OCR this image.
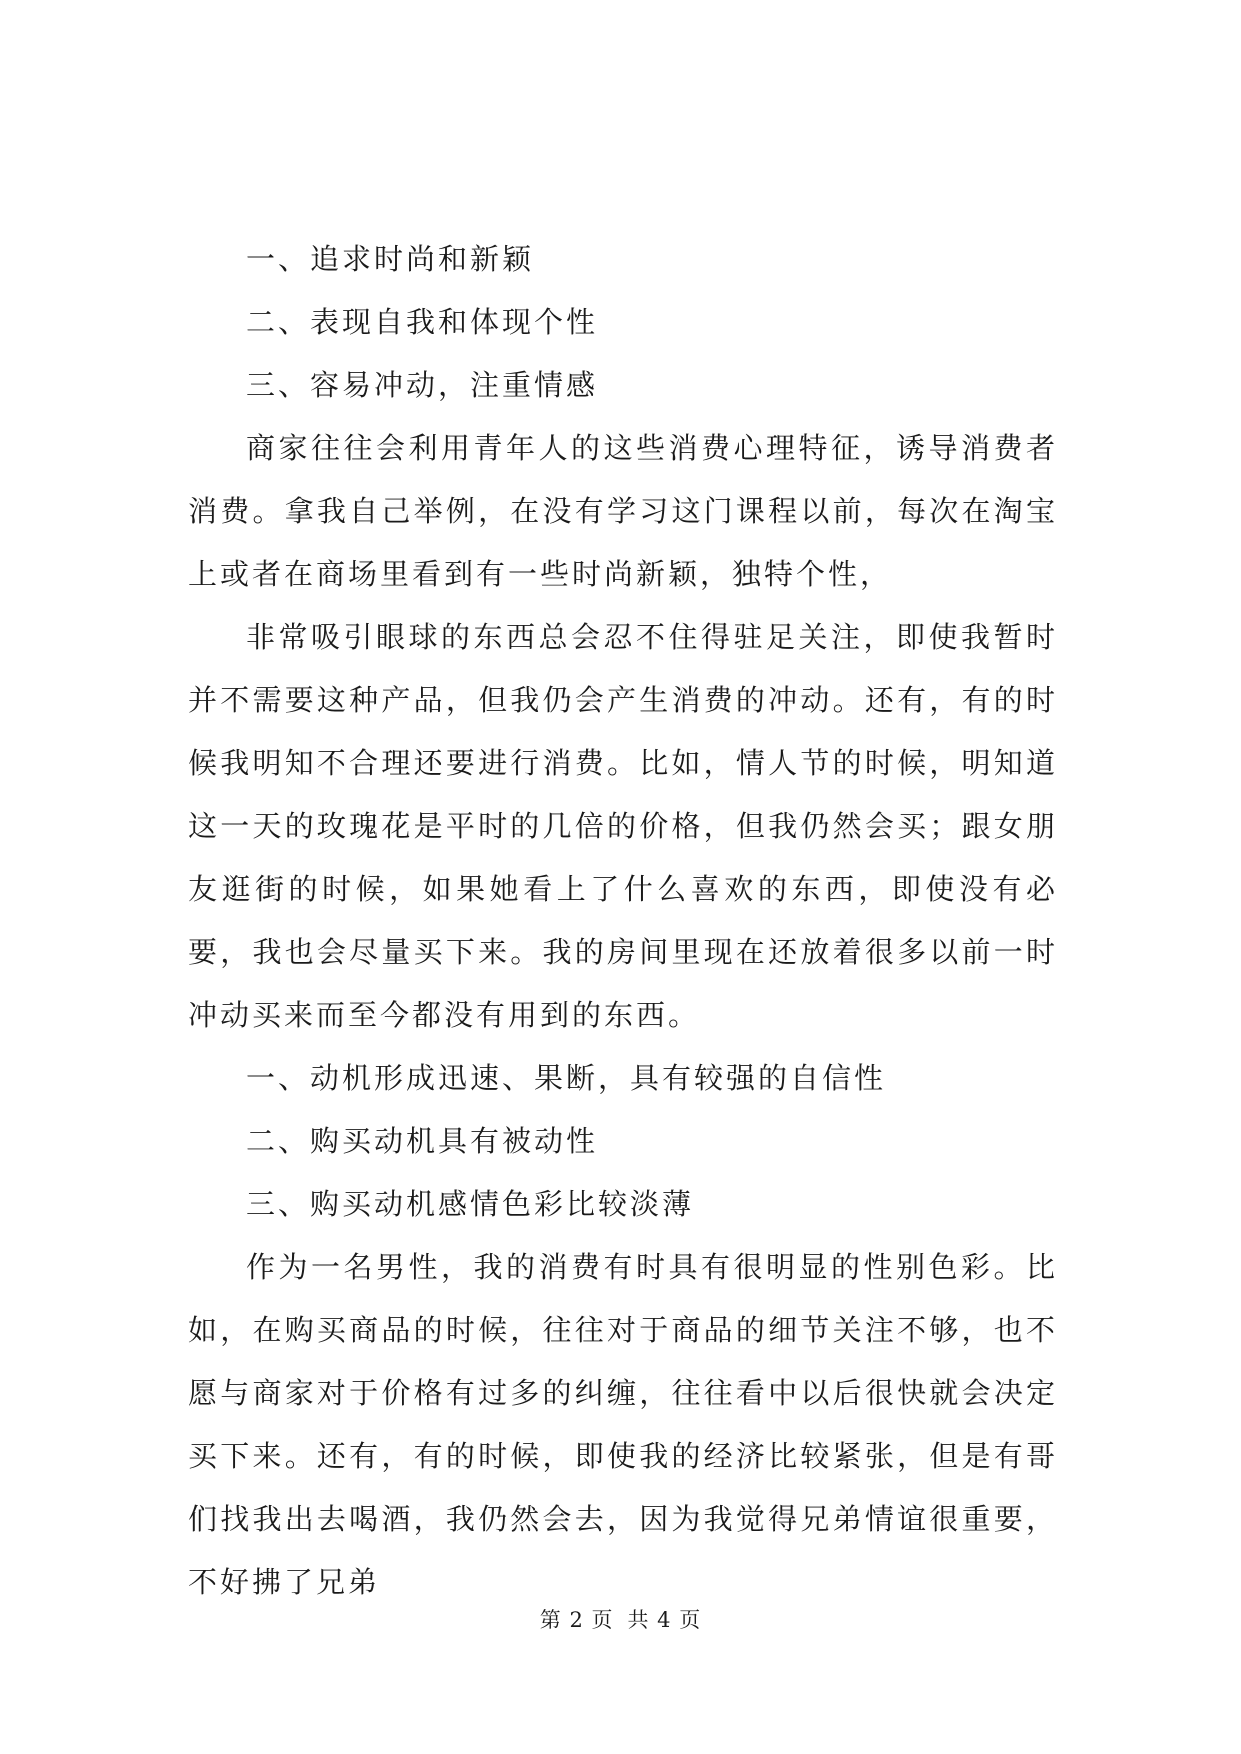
一、追求时尚和新颖

二、表现自我和体现个性

三、容易冲动，注重情感

商家往往会利用青年人的这些消费心理特征，诱导消费者消费。拿我自己举例，在没有学习这门课程以前，每次在淘宝上或者在商场里看到有一些时尚新颖，独特个性，

非常吸引眼球的东西总会忍不住得驻足关注，即使我暂时并不需要这种产品，但我仍会产生消费的冲动。还有，有的时候我明知不合理还要进行消费。比如，情人节的时候，明知道这一天的玫瑰花是平时的几倍的价格，但我仍然会买；跟女朋友逛街的时候，如果她看上了什么喜欢的东西，即使没有必要，我也会尽量买下来。我的房间里现在还放着很多以前一时冲动买来而至今都没有用到的东西。

一、动机形成迅速、果断，具有较强的自信性

二、购买动机具有被动性

三、购买动机感情色彩比较淡薄

作为一名男性，我的消费有时具有很明显的性别色彩。比如，在购买商品的时候，往往对于商品的细节关注不够，也不愿与商家对于价格有过多的纠缠，往往看中以后很快就会决定买下来。还有，有的时候，即使我的经济比较紧张，但是有哥们找我出去喝酒，我仍然会去，因为我觉得兄弟情谊很重要，不好拂了兄弟

第 2 页 共 4 页
